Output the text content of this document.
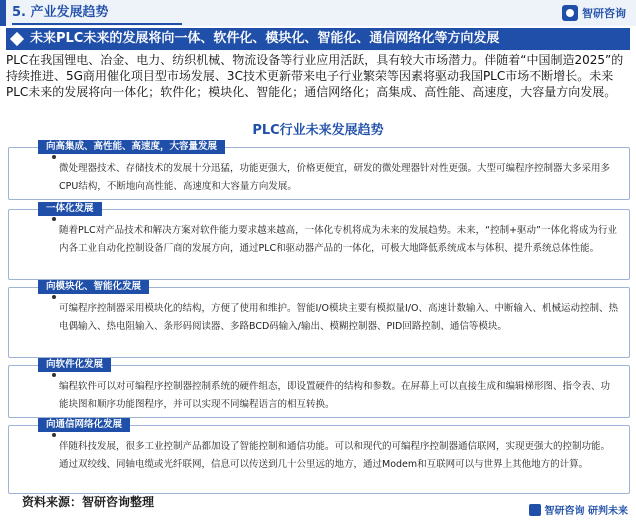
5. 产业发展趋势	智研咨询
未来PLC未来的发展将向一体、软件化、模块化、智能化、通信网络化等方向发展
PLC在我国锂电、冶金、电力、纺织机械、物流设备等行业应用活跃，具有较大市场潜力。伴随着“中国制造2025”的持续推进、5G商用催化项目型市场发展、3C技术更新带来电子行业繁荣等因素将驱动我国PLC市场不断增长。未来PLC未来的发展将向一体化；软件化；模块化、智能化；通信网络化；高集成、高性能、高速度，大容量方向发展。
PLC行业未来发展趋势
微处理器技术、存储技术的发展十分迅猛，功能更强大，价格更便宜，研发的微处理器针对性更强。大型可编程序控制器大多采用多CPU结构，不断地向高性能、高速度和大容量方向发展。
向高集成、高性能、高速度，大容量发展
随着PLC对产品技术和解决方案对软件能力要求越来越高，一体化专机将成为未来的发展趋势。未来，“控制+驱动”一体化将成为行业内各工业自动化控制设备厂商的发展方向，通过PLC和驱动器产品的一体化，可极大地降低系统成本与体积、提升系统总体性能。
一体化发展
可编程序控制器采用模块化的结构，方便了使用和维护。智能I/O模块主要有模拟量I/O、高速计数输入、中断输入、机械运动控制、热电偶输入、热电阻输入、条形码阅读器、多路BCD码输入/输出、模糊控制器、PID回路控制、通信等模块。
向模块化、智能化发展
编程软件可以对可编程序控制器控制系统的硬件组态，即设置硬件的结构和参数。在屏幕上可以直接生成和编辑梯形图、指令表、功能块图和顺序功能图程序，并可以实现不同编程语言的相互转换。
向软件化发展
伴随科技发展，很多工业控制产品都加设了智能控制和通信功能。可以和现代的可编程序控制器通信联网，实现更强大的控制功能。通过双绞线、同轴电缆或光纤联网，信息可以传送到几十公里远的地方，通过Modem和互联网可以与世界上其他地方的计算。
向通信网络化发展
资料来源：智研咨询整理
智研咨询 研判未来
